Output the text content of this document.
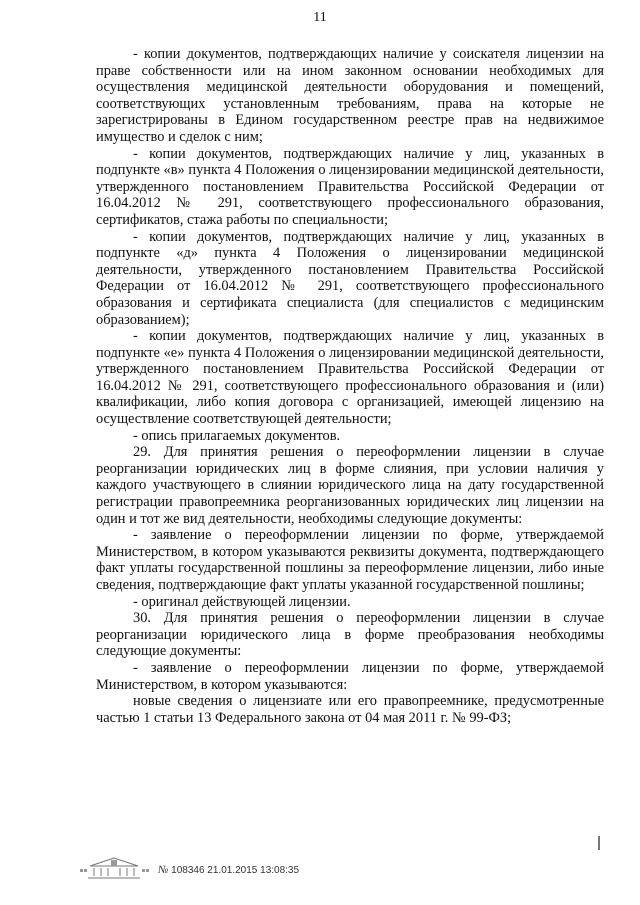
11

- копии документов, подтверждающих наличие у соискателя лицензии на праве собственности или на ином законном основании необходимых для осуществления медицинской деятельности оборудования и помещений, соответствующих установленным требованиям, права на которые не зарегистрированы в Едином государственном реестре прав на недвижимое имущество и сделок с ним;

- копии документов, подтверждающих наличие у лиц, указанных в подпункте «в» пункта 4 Положения о лицензировании медицинской деятельности, утвержденного постановлением Правительства Российской Федерации от 16.04.2012 № 291, соответствующего профессионального образования, сертификатов, стажа работы по специальности;

- копии документов, подтверждающих наличие у лиц, указанных в подпункте «д» пункта 4 Положения о лицензировании медицинской деятельности, утвержденного постановлением Правительства Российской Федерации от 16.04.2012 № 291, соответствующего профессионального образования и сертификата специалиста (для специалистов с медицинским образованием);

- копии документов, подтверждающих наличие у лиц, указанных в подпункте «е» пункта 4 Положения о лицензировании медицинской деятельности, утвержденного постановлением Правительства Российской Федерации от 16.04.2012 № 291, соответствующего профессионального образования и (или) квалификации, либо копия договора с организацией, имеющей лицензию на осуществление соответствующей деятельности;

- опись прилагаемых документов.

29. Для принятия решения о переоформлении лицензии в случае реорганизации юридических лиц в форме слияния, при условии наличия у каждого участвующего в слиянии юридического лица на дату государственной регистрации правопреемника реорганизованных юридических лиц лицензии на один и тот же вид деятельности, необходимы следующие документы:

- заявление о переоформлении лицензии по форме, утверждаемой Министерством, в котором указываются реквизиты документа, подтверждающего факт уплаты государственной пошлины за переоформление лицензии, либо иные сведения, подтверждающие факт уплаты указанной государственной пошлины;

- оригинал действующей лицензии.

30. Для принятия решения о переоформлении лицензии в случае реорганизации юридического лица в форме преобразования необходимы следующие документы:

- заявление о переоформлении лицензии по форме, утверждаемой Министерством, в котором указываются:

новые сведения о лицензиате или его правопреемнике, предусмотренные частью 1 статьи 13 Федерального закона от 04 мая 2011 г. № 99-ФЗ;

№ 108346 21.01.2015 13:08:35
